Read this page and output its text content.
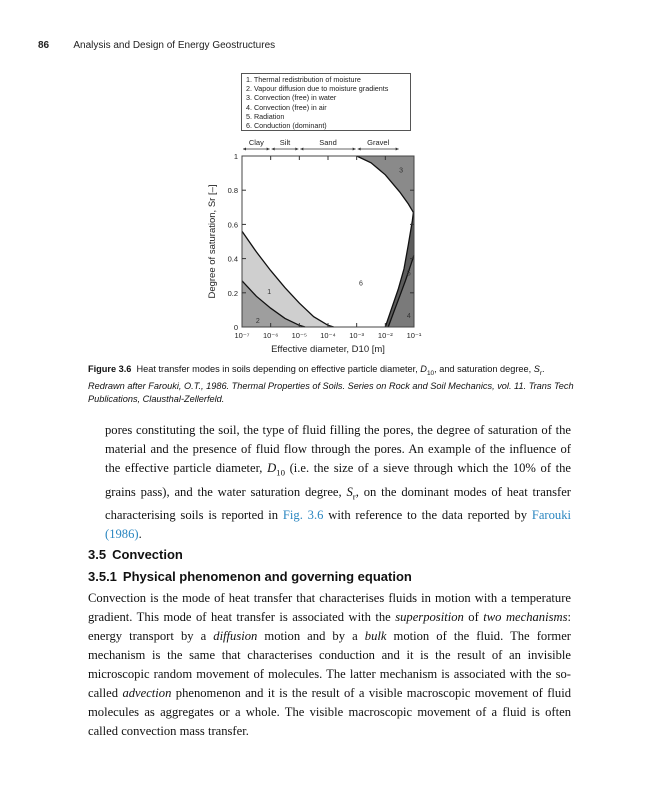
86 Analysis and Design of Energy Geostructures
1. Thermal redistribution of moisture
2. Vapour diffusion due to moisture gradients
3. Convection (free) in water
4. Convection (free) in air
5. Radiation
6. Conduction (dominant)
10⁻⁷ 10⁻⁶ 10⁻⁵ 10⁻⁴ 10⁻³ 10⁻² 10⁻¹
0
0.2
0.4
0.6
0.8
1
Effective diameter, D10 [m]
Degree of saturation, Sr [–]
Clay Silt	Sand	Gravel
1
2
3
4
5
6
Figure 3.6 Heat transfer modes in soils depending on effective particle diameter, $D_{10}$, and saturation degree, $S_r$. Redrawn after Farouki, O.T., 1986. Thermal Properties of Soils. Series on Rock and Soil Mechanics, vol. 11. Trans Tech Publications, Clausthal-Zellerfeld.
pores constituting the soil, the type of fluid filling the pores, the degree of saturation of the material and the presence of fluid flow through the pores. An example of the influence of the effective particle diameter, $D_{10}$ (i.e. the size of a sieve through which the 10% of the grains pass), and the water saturation degree, $S_r$, on the dominant modes of heat transfer characterising soils is reported in Fig. 3.6 with reference to the data reported by Farouki (1986).
3.5 Convection
3.5.1 Physical phenomenon and governing equation
Convection is the mode of heat transfer that characterises fluids in motion with a temperature gradient. This mode of heat transfer is associated with the superposition of two mechanisms: energy transport by a diffusion motion and by a bulk motion of the fluid. The former mechanism is the same that characterises conduction and it is the result of an invisible microscopic random movement of molecules. The latter mechanism is associated with the so-called advection phenomenon and it is the result of a visible macroscopic movement of fluid molecules as aggregates or a whole. The visible macroscopic movement of a fluid is often called convection mass transfer.
